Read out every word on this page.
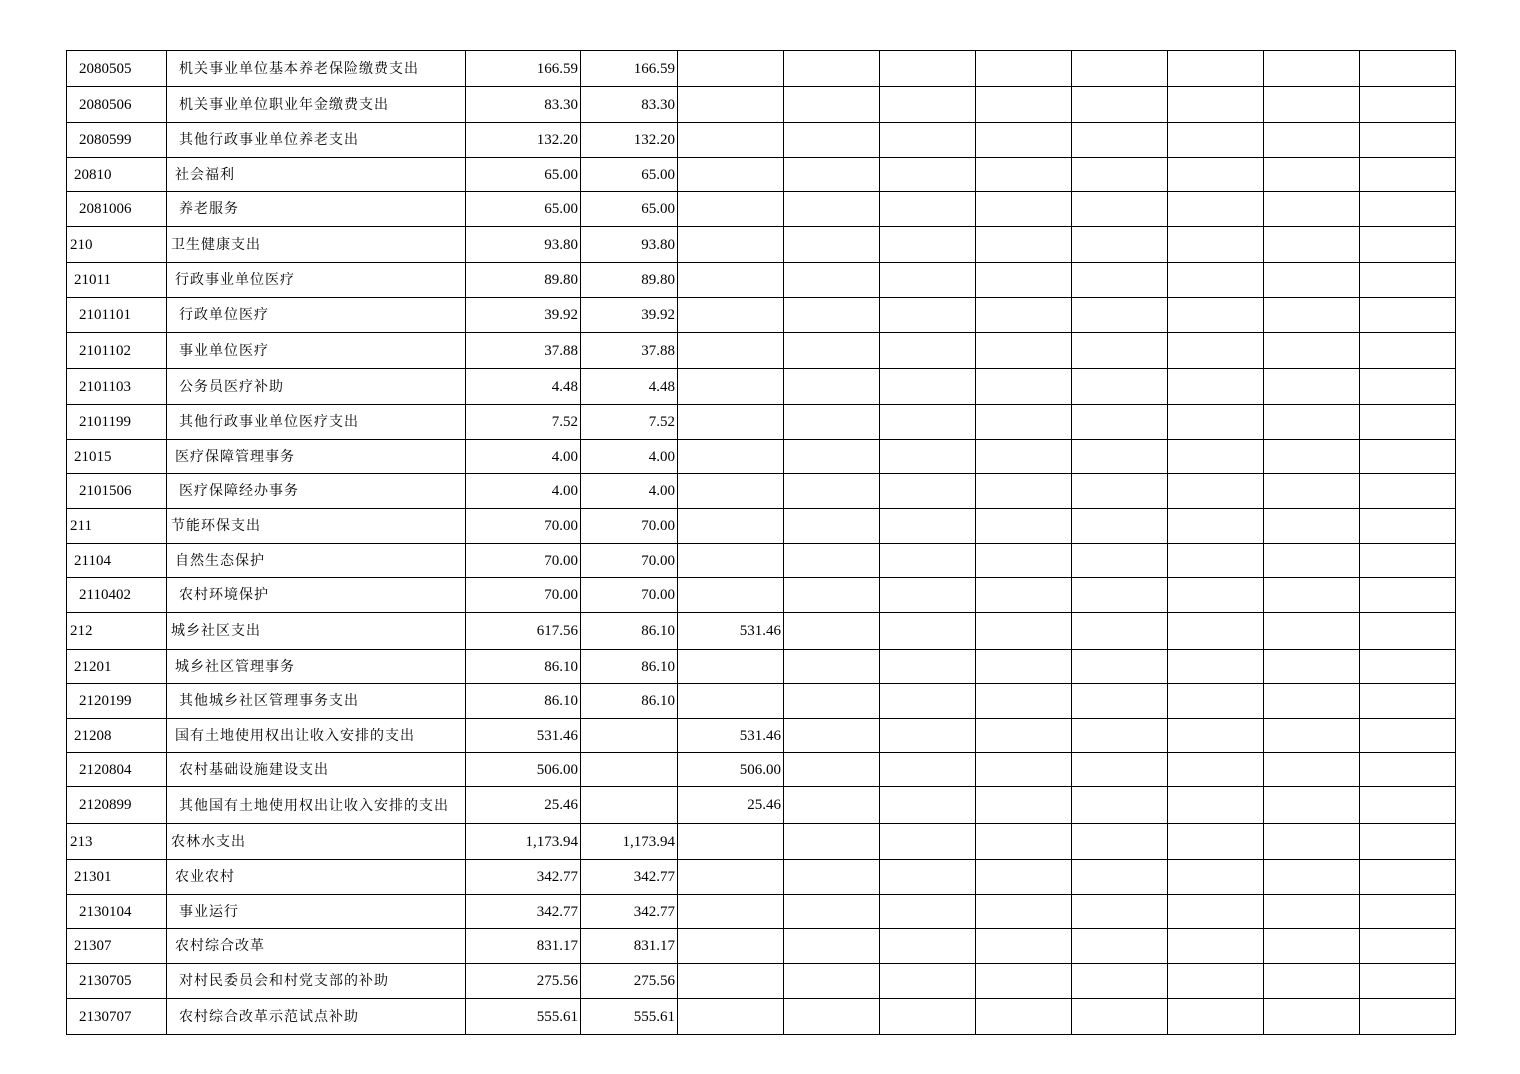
2080505	机关事业单位基本养老保险缴费支出	166.59	166.59								
2080506	机关事业单位职业年金缴费支出	83.30	83.30								
2080599	其他行政事业单位养老支出	132.20	132.20								
20810	社会福利	65.00	65.00								
2081006	养老服务	65.00	65.00								
210	卫生健康支出	93.80	93.80								
21011	行政事业单位医疗	89.80	89.80								
2101101	行政单位医疗	39.92	39.92								
2101102	事业单位医疗	37.88	37.88								
2101103	公务员医疗补助	4.48	4.48								
2101199	其他行政事业单位医疗支出	7.52	7.52								
21015	医疗保障管理事务	4.00	4.00								
2101506	医疗保障经办事务	4.00	4.00								
211	节能环保支出	70.00	70.00								
21104	自然生态保护	70.00	70.00								
2110402	农村环境保护	70.00	70.00								
212	城乡社区支出	617.56	86.10	531.46							
21201	城乡社区管理事务	86.10	86.10								
2120199	其他城乡社区管理事务支出	86.10	86.10								
21208	国有土地使用权出让收入安排的支出	531.46		531.46							
2120804	农村基础设施建设支出	506.00		506.00							
2120899	其他国有土地使用权出让收入安排的支出	25.46		25.46							
213	农林水支出	1,173.94	1,173.94								
21301	农业农村	342.77	342.77								
2130104	事业运行	342.77	342.77								
21307	农村综合改革	831.17	831.17								
2130705	对村民委员会和村党支部的补助	275.56	275.56								
2130707	农村综合改革示范试点补助	555.61	555.61								
